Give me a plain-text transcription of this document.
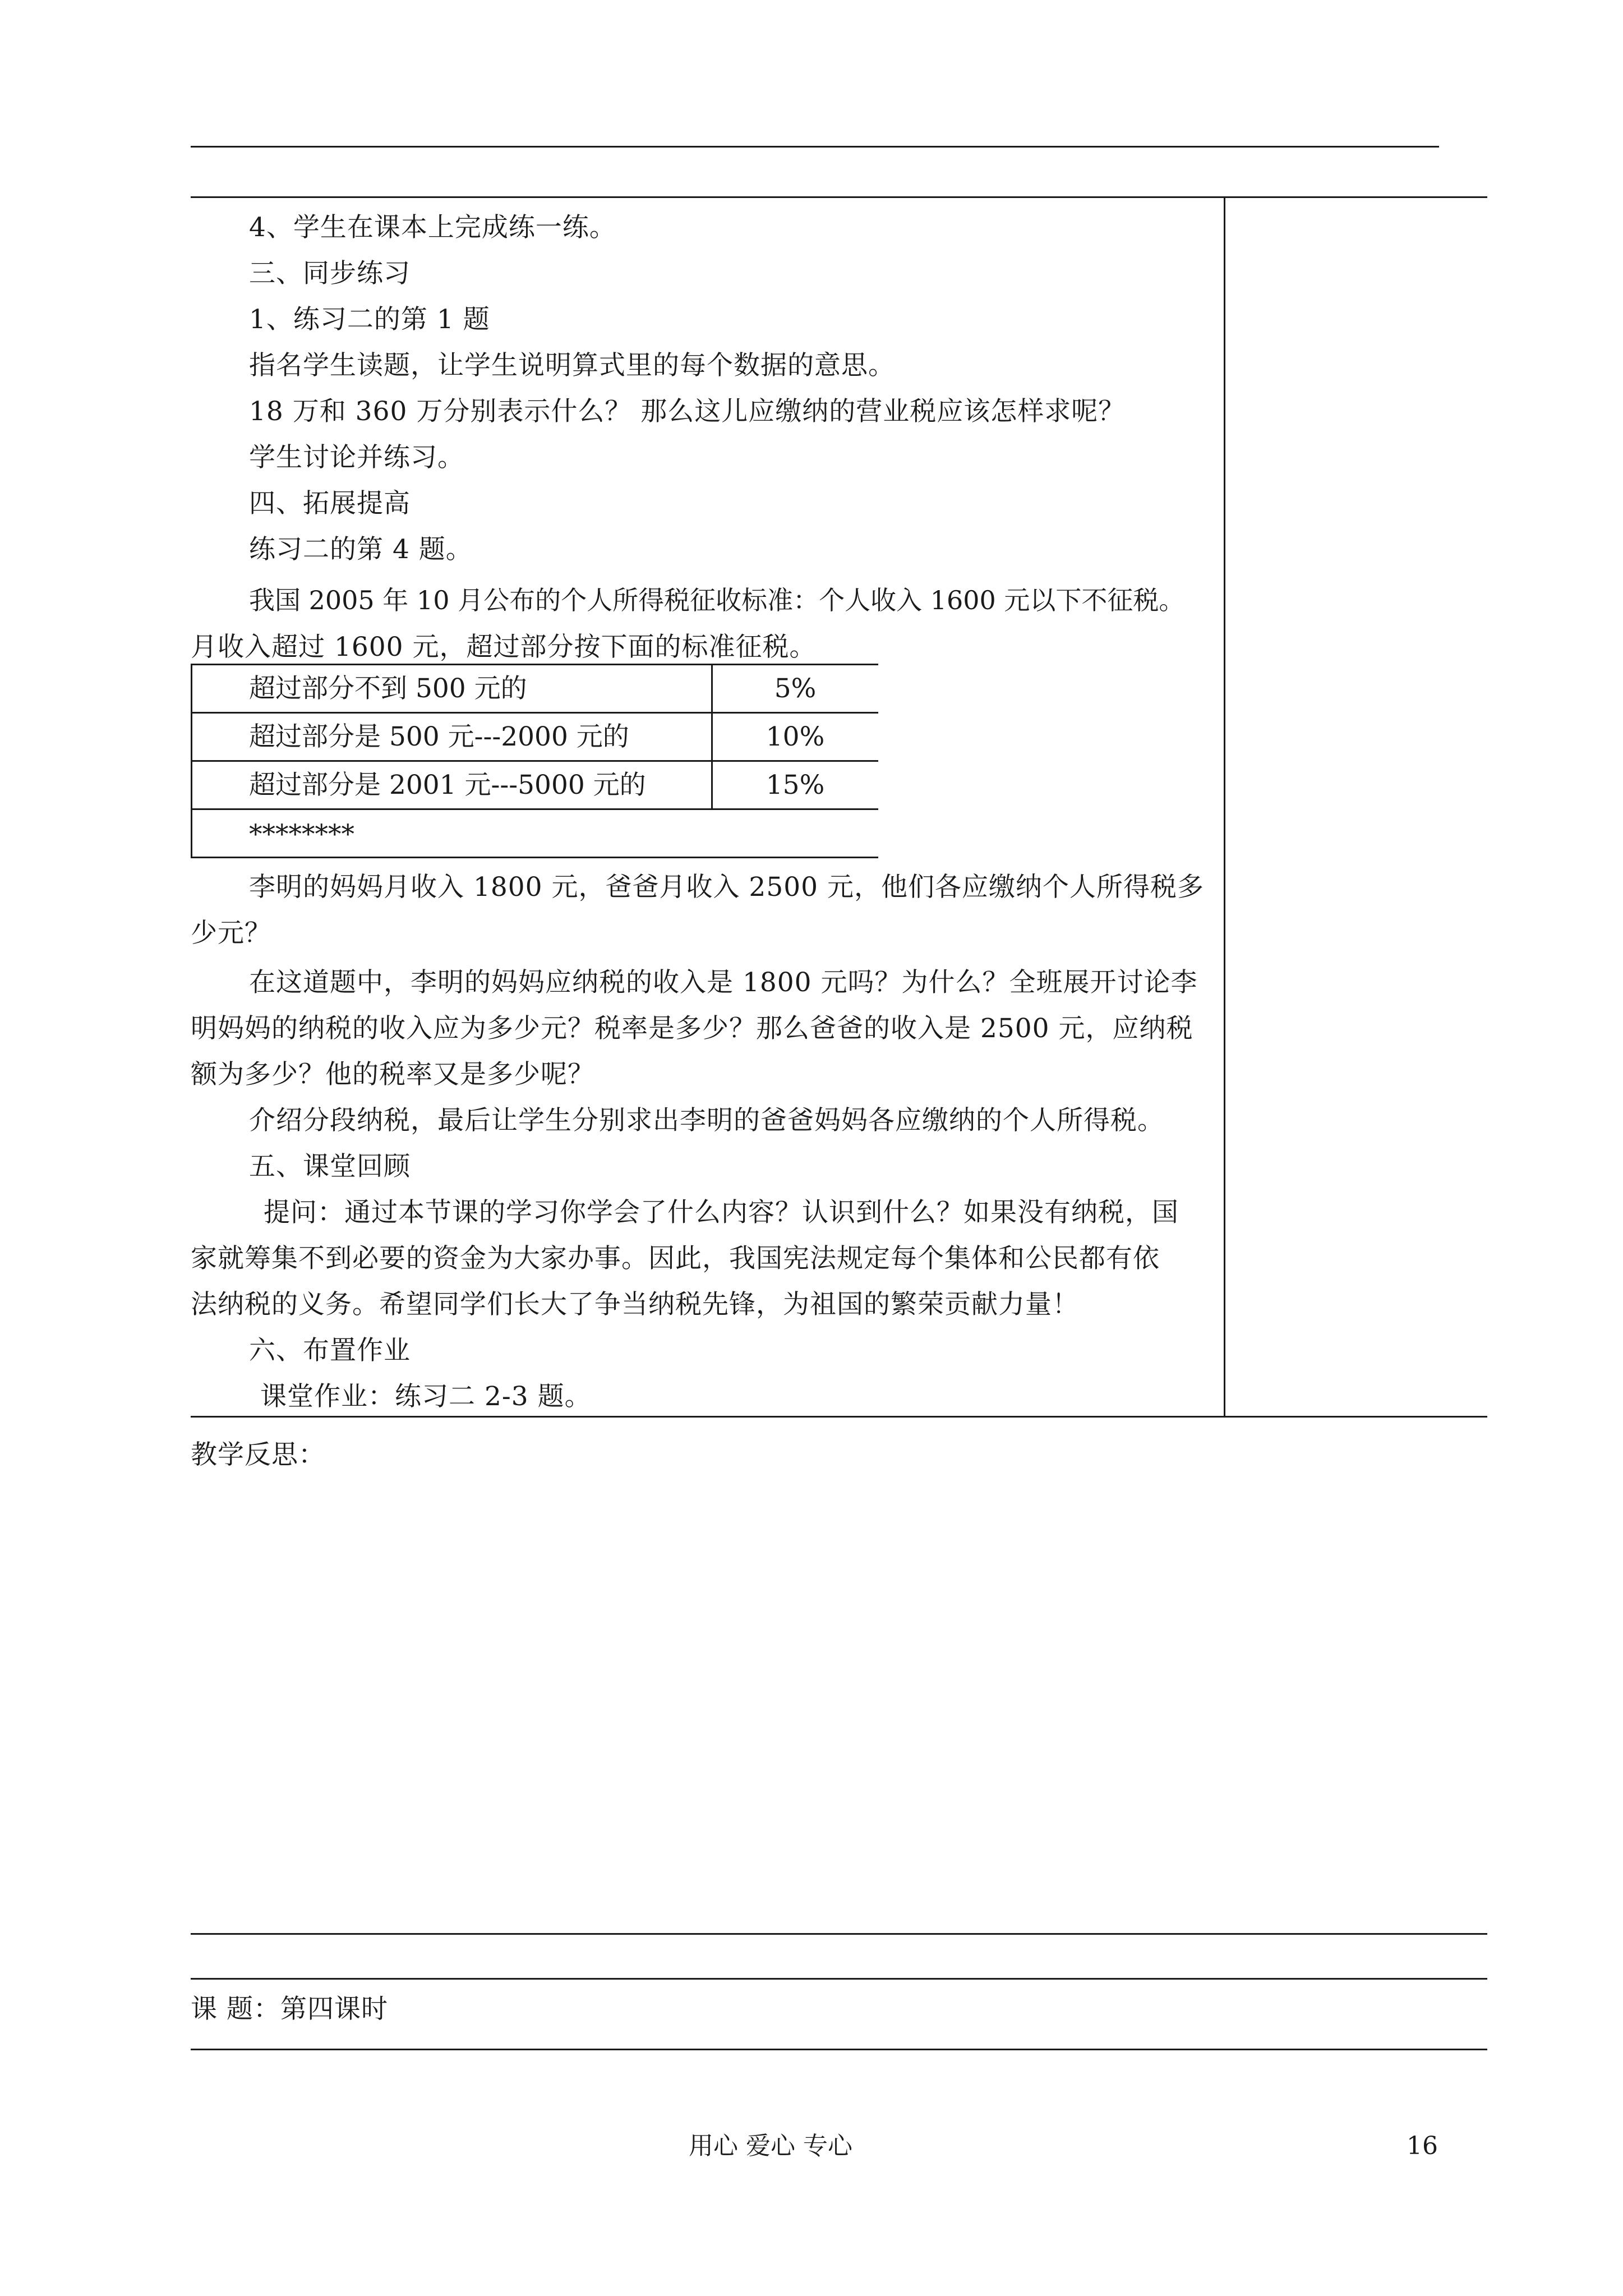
4、学生在课本上完成练一练。
三、同步练习
1、练习二的第 1 题
指名学生读题，让学生说明算式里的每个数据的意思。
18 万和 360 万分别表示什么？ 那么这儿应缴纳的营业税应该怎样求呢？
学生讨论并练习。
四、拓展提高
练习二的第 4 题。
我国 2005 年 10 月公布的个人所得税征收标准：个人收入 1600 元以下不征税。
月收入超过 1600 元，超过部分按下面的标准征税。
超过部分不到 500 元的	5%
超过部分是 500 元---2000 元的	10%
超过部分是 2001 元---5000 元的	15%
********
李明的妈妈月收入 1800 元，爸爸月收入 2500 元，他们各应缴纳个人所得税多
少元？
在这道题中，李明的妈妈应纳税的收入是 1800 元吗？为什么？全班展开讨论李
明妈妈的纳税的收入应为多少元？税率是多少？那么爸爸的收入是 2500 元，应纳税
额为多少？他的税率又是多少呢？
介绍分段纳税，最后让学生分别求出李明的爸爸妈妈各应缴纳的个人所得税。
五、课堂回顾
提问：通过本节课的学习你学会了什么内容？认识到什么？如果没有纳税，国
家就筹集不到必要的资金为大家办事。因此，我国宪法规定每个集体和公民都有依
法纳税的义务。希望同学们长大了争当纳税先锋，为祖国的繁荣贡献力量！
六、布置作业
课堂作业：练习二 2-3 题。
教学反思：
课 题：第四课时
用心 爱心 专心	16
